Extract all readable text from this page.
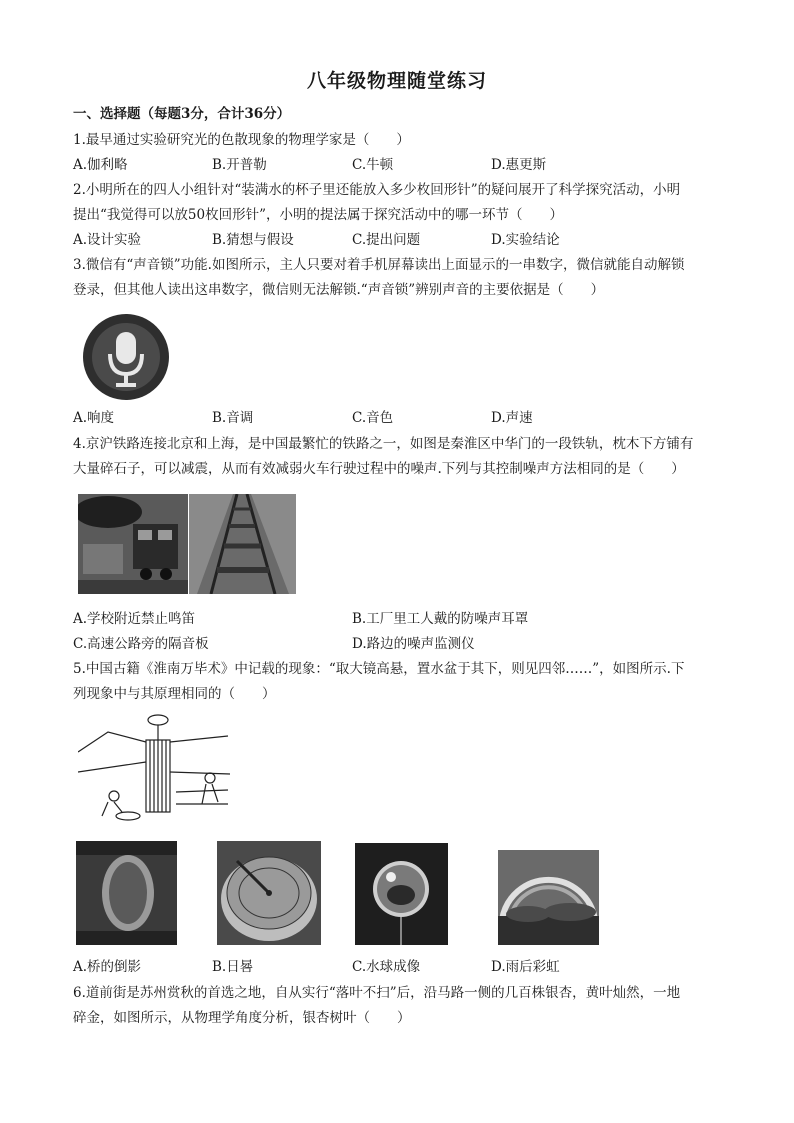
八年级物理随堂练习
一、选择题（每题3分，合计36分）
1.最早通过实验研究光的色散现象的物理学家是（　　）
A.伽利略	B.开普勒	C.牛顿	D.惠更斯
2.小明所在的四人小组针对“装满水的杯子里还能放入多少枚回形针”的疑问展开了科学探究活动，小明
提出“我觉得可以放50枚回形针”，小明的提法属于探究活动中的哪一环节（　　）
A.设计实验	B.猜想与假设	C.提出问题	D.实验结论
3.微信有“声音锁”功能.如图所示，主人只要对着手机屏幕读出上面显示的一串数字，微信就能自动解锁
登录，但其他人读出这串数字，微信则无法解锁.“声音锁”辨别声音的主要依据是（　　）
A.响度	B.音调	C.音色	D.声速
4.京沪铁路连接北京和上海，是中国最繁忙的铁路之一，如图是秦淮区中华门的一段铁轨，枕木下方铺有
大量碎石子，可以减震，从而有效减弱火车行驶过程中的噪声.下列与其控制噪声方法相同的是（　　）
A.学校附近禁止鸣笛	B.工厂里工人戴的防噪声耳罩
C.高速公路旁的隔音板	D.路边的噪声监测仪
5.中国古籍《淮南万毕术》中记载的现象：“取大镜高悬，置水盆于其下，则见四邻……”，如图所示.下
列现象中与其原理相同的（　　）
A.桥的倒影	B.日晷	C.水球成像	D.雨后彩虹
6.道前街是苏州赏秋的首选之地，自从实行“落叶不扫”后，沿马路一侧的几百株银杏，黄叶灿然，一地
碎金，如图所示，从物理学角度分析，银杏树叶（　　）
